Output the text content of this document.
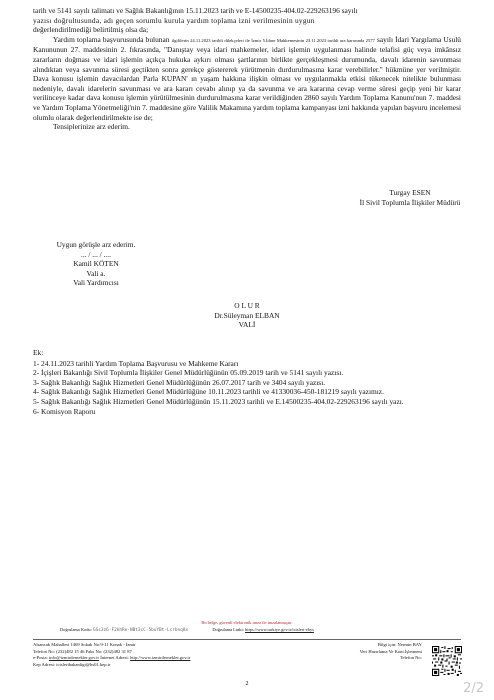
tarih ve 5141 sayılı talimatı ve Sağlık Bakanlığının 15.11.2023 tarih ve E-14500235-404.02-229263196 sayılı

yazısı doğrultusunda, adı geçen sorumlu kurula yardım toplama izni verilmesinin uygun

değerlendirilmediği belirtilmiş olsa da;

Yardım toplama başvurusunda bulunan ilgililerin 24.11.2023 tarihli dilekçeleri ile İzmir 5.İdare Mahkemesinin 23.11.2023 tarihli ara kararında 2577 sayılı İdari Yargılama Usulü Kanununun 27. maddesinin 2. fıkrasında, "Danıştay veya idari mahkemeler, idari işlemin uygulanması halinde telafisi güç veya imkânsız zararların doğması ve idari işlemin açıkça hukuka aykırı olması şartlarının birlikte gerçekleşmesi durumunda, davalı idarenin savunması alındıktan veya savunma süresi geçtikten sonra gerekçe göstererek yürütmenin durdurulmasına karar verebilirler." hükmüne yer verilmiştir. Dava konusu işlemin davacılardan Parla KUPAN' ın yaşam hakkına ilişkin olması ve uygulanmakla etkisi tükenecek nitelikte bulunması nedeniyle, davalı idarelerin savunması ve ara kararı cevabı alınıp ya da savunma ve ara kararına cevap verme süresi geçip yeni bir karar verilinceye kadar dava konusu işlemin yürütülmesinin durdurulmasına karar verildiğinden 2860 sayılı Yardım Toplama Kanunu'nun 7. maddesi ve Yardım Toplama Yönetmeliği'nin 7. maddesine göre Valilik Makamına yardım toplama kampanyası izni hakkında yapılan başvuru incelemesi olumlu olarak değerlendirilmekte ise de;

Tensiplerinize arz ederim.

Turgay ESEN
İl Sivil Toplumla İlişkiler Müdürü
Uygun görüşle arz ederim.
... / ... / ....
Kamil KÖTEN
Vali a.
Vali Yardımcısı
O L U R
Dr.Süleyman ELBAN
VALİ
Ek:
1- 24.11.2023 tarihli Yardım Toplama Başvurusu ve Mahkeme Kararı
2- İçişleri Bakanlığı Sivil Toplumla İlişkiler Genel Müdürlüğünün 05.09.2019 tarih ve 5141 sayılı yazısı.
3- Sağlık Bakanlığı Sağlık Hizmetleri Genel Müdürlüğünün 26.07.2017 tarih ve 3404 sayılı yazısı.
4- Sağlık Bakanlığı Sağlık Hizmetleri Genel Müdürlüğüne 10.11.2023 tarihli ve 41330036-450-181219 sayılı yazımız.
5- Sağlık Bakanlığı Sağlık Hizmetleri Genel Müdürlüğünün 15.11.2023 tarihli ve E.14500235-404.02-229263196 sayılı yazı.
6- Komisyon Raporu
Bu belge, güvenli elektronik imza ile imzalanmıştır.
Doğrulama Kodu: GSs3z6-F2khRe-NBt3cC-5buYBt-Lcrbnq8x	Doğrulama Linki: https://www.turkiye.gov.tr/icisleri-ebys
Alsancak Mahallesi 1469 Sokak No:9-11 Konak - İzmir
Telefon No: (232)482 15 46 Faks No: (232)482 31 87
e-Posta: info@izmirdernekler.gov.tr İnternet Adresi: http://www.izmirdernekler.gov.tr
Kep Adresi: icisleribakanligi@hs01.kep.tr
Bilgi için: Nermin BAY
Veri Hazırlama Ve Kont.İşletmeni
Telefon No:
2	2/2
